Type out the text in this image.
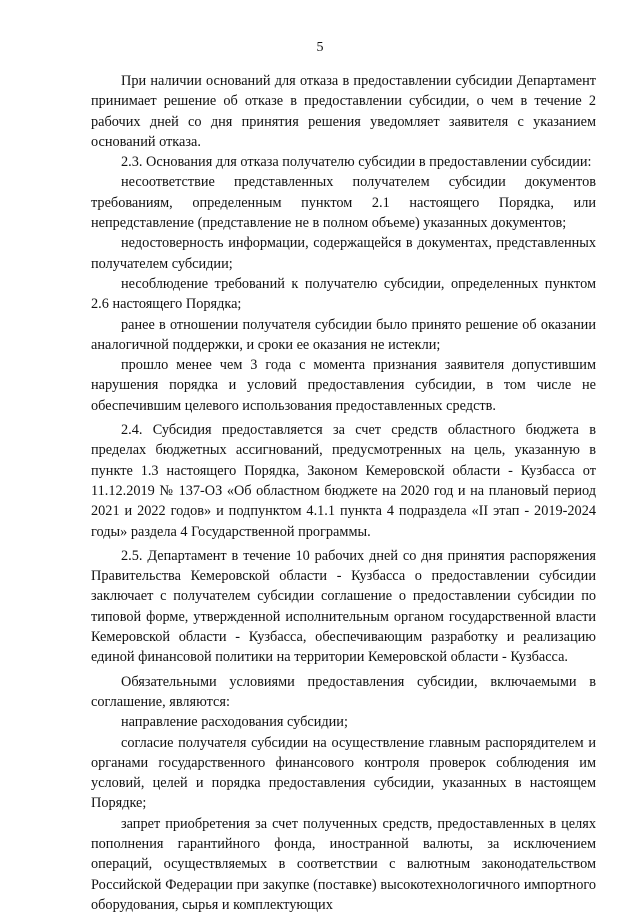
5

При наличии оснований для отказа в предоставлении субсидии Департамент принимает решение об отказе в предоставлении субсидии, о чем в течение 2 рабочих дней со дня принятия решения уведомляет заявителя с указанием оснований отказа.

2.3. Основания для отказа получателю субсидии в предоставлении субсидии:

несоответствие представленных получателем субсидии документов требованиям, определенным пунктом 2.1 настоящего Порядка, или непредставление (представление не в полном объеме) указанных документов;

недостоверность информации, содержащейся в документах, представленных получателем субсидии;

несоблюдение требований к получателю субсидии, определенных пунктом 2.6 настоящего Порядка;

ранее в отношении получателя субсидии было принято решение об оказании аналогичной поддержки, и сроки ее оказания не истекли;

прошло менее чем 3 года с момента признания заявителя допустившим нарушения порядка и условий предоставления субсидии, в том числе не обеспечившим целевого использования предоставленных средств.

2.4. Субсидия предоставляется за счет средств областного бюджета в пределах бюджетных ассигнований, предусмотренных на цель, указанную в пункте 1.3 настоящего Порядка, Законом Кемеровской области - Кузбасса от 11.12.2019 № 137-ОЗ «Об областном бюджете на 2020 год и на плановый период 2021 и 2022 годов» и подпунктом 4.1.1 пункта 4 подраздела «II этап - 2019-2024 годы» раздела 4 Государственной программы.

2.5. Департамент в течение 10 рабочих дней со дня принятия распоряжения Правительства Кемеровской области - Кузбасса о предоставлении субсидии заключает с получателем субсидии соглашение о предоставлении субсидии по типовой форме, утвержденной исполнительным органом государственной власти Кемеровской области - Кузбасса, обеспечивающим разработку и реализацию единой финансовой политики на территории Кемеровской области - Кузбасса.

Обязательными условиями предоставления субсидии, включаемыми в соглашение, являются:

направление расходования субсидии;

согласие получателя субсидии на осуществление главным распорядителем и органами государственного финансового контроля проверок соблюдения им условий, целей и порядка предоставления субсидии, указанных в настоящем Порядке;

запрет приобретения за счет полученных средств, предоставленных в целях пополнения гарантийного фонда, иностранной валюты, за исключением операций, осуществляемых в соответствии с валютным законодательством Российской Федерации при закупке (поставке) высокотехнологичного импортного оборудования, сырья и комплектующих
